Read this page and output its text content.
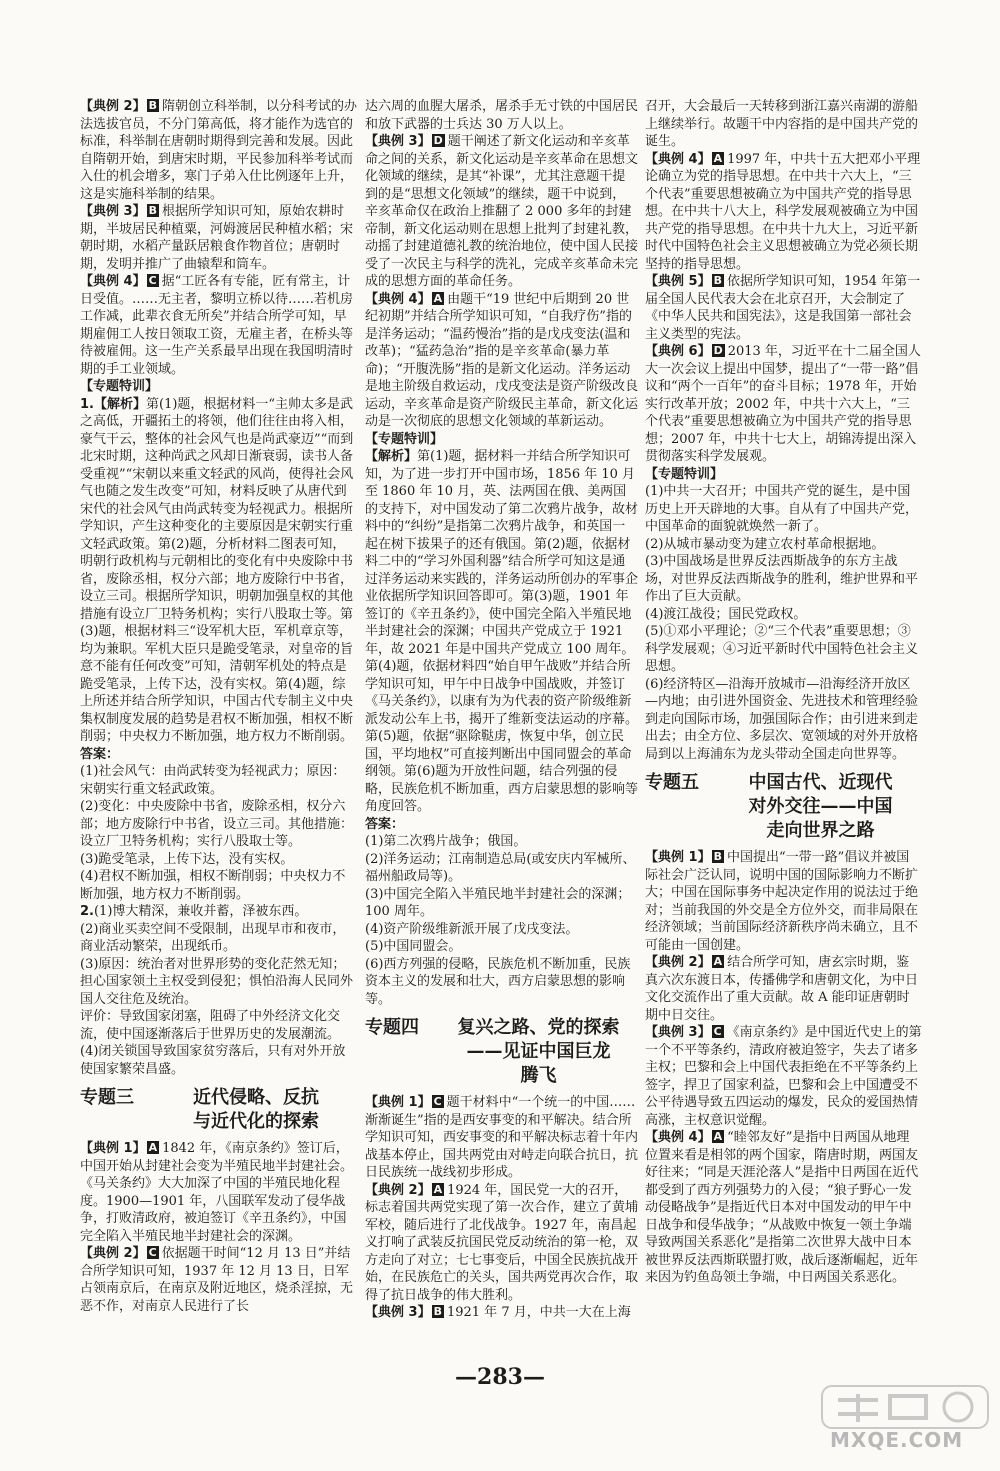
【典例 2】 B 隋朝创立科举制，以分科考试的办法选拔官员，不分门第高低，将才能作为选官的标准，科举制在唐朝时期得到完善和发展。因此自隋朝开始，到唐宋时期，平民参加科举考试而入仕的机会增多，寒门子弟入仕比例逐年上升，这是实施科举制的结果。

【典例 3】 B 根据所学知识可知，原始农耕时期，半坡居民种植粟，河姆渡居民种植水稻；宋朝时期，水稻产量跃居粮食作物首位；唐朝时期，发明并推广了曲辕犁和筒车。

【典例 4】 C 据“工匠各有专能，匠有常主，计日受值。……无主者，黎明立桥以待……若机房工作减，此辈衣食无所矣”并结合所学可知，早期雇佣工人按日领取工资，无雇主者，在桥头等待被雇佣。这一生产关系最早出现在我国明清时期的手工业领域。

【专题特训】

1.【解析】第(1)题，根据材料一“主帅太多是武之高低，开疆拓土的将领，他们往往由将入相，豪气干云，整体的社会风气也是尚武豪迈”“而到北宋时期，这种尚武之风却日渐衰弱，读书人备受重视”“宋朝以来重文轻武的风尚，使得社会风气也随之发生改变”可知，材料反映了从唐代到宋代的社会风气由尚武转变为轻视武力。根据所学知识，产生这种变化的主要原因是宋朝实行重文轻武政策。第(2)题，分析材料二图表可知，明朝行政机构与元朝相比的变化有中央废除中书省，废除丞相，权分六部；地方废除行中书省，设立三司。根据所学知识，明朝加强皇权的其他措施有设立厂卫特务机构；实行八股取士等。第(3)题，根据材料三“设军机大臣，军机章京等，均为兼职。军机大臣只是跪受笔录，对皇帝的旨意不能有任何改变”可知，清朝军机处的特点是跪受笔录，上传下达，没有实权。第(4)题，综上所述并结合所学知识，中国古代专制主义中央集权制度发展的趋势是君权不断加强，相权不断削弱；中央权力不断加强，地方权力不断削弱。

答案：

(1)社会风气：由尚武转变为轻视武力；原因：宋朝实行重文轻武政策。

(2)变化：中央废除中书省，废除丞相，权分六部；地方废除行中书省，设立三司。其他措施：设立厂卫特务机构；实行八股取士等。

(3)跪受笔录，上传下达，没有实权。

(4)君权不断加强，相权不断削弱；中央权力不断加强，地方权力不断削弱。

2.(1)博大精深，兼收并蓄，泽被东西。

(2)商业买卖空间不受限制，出现早市和夜市，商业活动繁荣，出现纸币。

(3)原因：统治者对世界形势的变化茫然无知；担心国家领土主权受到侵犯；惧怕沿海人民同外国人交往危及统治。

评价：导致国家闭塞，阻碍了中外经济文化交流，使中国逐渐落后于世界历史的发展潮流。

(4)闭关锁国导致国家贫穷落后，只有对外开放使国家繁荣昌盛。

专题三	近代侵略、反抗
与近代化的探索

【典例 1】 A 1842 年，《南京条约》签订后，中国开始从封建社会变为半殖民地半封建社会。《马关条约》大大加深了中国的半殖民地化程度。1900—1901 年，八国联军发动了侵华战争，打败清政府，被迫签订《辛丑条约》，中国完全陷入半殖民地半封建社会的深渊。

【典例 2】 C 依据题干时间“12 月 13 日”并结合所学知识可知，1937 年 12 月 13 日，日军占领南京后，在南京及附近地区，烧杀淫掠，无恶不作，对南京人民进行了长

达六周的血腥大屠杀，屠杀手无寸铁的中国居民和放下武器的士兵达 30 万人以上。

【典例 3】 D 题干阐述了新文化运动和辛亥革命之间的关系，新文化运动是辛亥革命在思想文化领域的继续，是其“补课”，尤其注意题干提到的是“思想文化领域”的继续，题干中说到，辛亥革命仅在政治上推翻了 2 000 多年的封建帝制，新文化运动则在思想上批判了封建礼教，动摇了封建道德礼教的统治地位，使中国人民接受了一次民主与科学的洗礼，完成辛亥革命未完成的思想方面的革命任务。

【典例 4】 A 由题干“19 世纪中后期到 20 世纪初期”并结合所学知识可知，“自我疗伤”指的是洋务运动；“温药慢治”指的是戊戌变法(温和改革)；“猛药急治”指的是辛亥革命(暴力革命)；“开腹洗肠”指的是新文化运动。洋务运动是地主阶级自救运动，戊戌变法是资产阶级改良运动，辛亥革命是资产阶级民主革命，新文化运动是一次彻底的思想文化领域的革新运动。

【专题特训】

【解析】第(1)题，据材料一并结合所学知识可知，为了进一步打开中国市场，1856 年 10 月至 1860 年 10 月，英、法两国在俄、美两国的支持下，对中国发动了第二次鸦片战争，故材料中的“纠纷”是指第二次鸦片战争，和英国一起在树下拔果子的还有俄国。第(2)题，依据材料二中的“学习外国利器”结合所学可知这是通过洋务运动来实践的，洋务运动所创办的军事企业依据所学知识回答即可。第(3)题，1901 年签订的《辛丑条约》，使中国完全陷入半殖民地半封建社会的深渊；中国共产党成立于 1921 年，故 2021 年是中国共产党成立 100 周年。第(4)题，依据材料四“始自甲午战败”并结合所学知识可知，甲午中日战争中国战败，并签订《马关条约》，以康有为为代表的资产阶级维新派发动公车上书，揭开了维新变法运动的序幕。第(5)题，依据“驱除鞑虏，恢复中华，创立民国，平均地权”可直接判断出中国同盟会的革命纲领。第(6)题为开放性问题，结合列强的侵略，民族危机不断加重，西方启蒙思想的影响等角度回答。

答案：

(1)第二次鸦片战争；俄国。

(2)洋务运动；江南制造总局(或安庆内军械所、福州船政局等)。

(3)中国完全陷入半殖民地半封建社会的深渊；100 周年。

(4)资产阶级维新派开展了戊戌变法。

(5)中国同盟会。

(6)西方列强的侵略，民族危机不断加重，民族资本主义的发展和壮大，西方启蒙思想的影响等。

专题四	复兴之路、党的探索
——见证中国巨龙
腾飞

【典例 1】 C 题干材料中“一个统一的中国……渐渐诞生”指的是西安事变的和平解决。结合所学知识可知，西安事变的和平解决标志着十年内战基本停止，国共两党由对峙走向联合抗日，抗日民族统一战线初步形成。

【典例 2】 A 1924 年，国民党一大的召开，标志着国共两党实现了第一次合作，建立了黄埔军校，随后进行了北伐战争。1927 年，南昌起义打响了武装反抗国民党反动统治的第一枪，双方走向了对立；七七事变后，中国全民族抗战开始，在民族危亡的关头，国共两党再次合作，取得了抗日战争的伟大胜利。

【典例 3】 B 1921 年 7 月，中共一大在上海

召开，大会最后一天转移到浙江嘉兴南湖的游船上继续举行。故题干中内容指的是中国共产党的诞生。

【典例 4】 A 1997 年，中共十五大把邓小平理论确立为党的指导思想。在中共十六大上，“三个代表”重要思想被确立为中国共产党的指导思想。在中共十八大上，科学发展观被确立为中国共产党的指导思想。在中共十九大上，习近平新时代中国特色社会主义思想被确立为党必须长期坚持的指导思想。

【典例 5】 B 依据所学知识可知，1954 年第一届全国人民代表大会在北京召开，大会制定了《中华人民共和国宪法》，这是我国第一部社会主义类型的宪法。

【典例 6】 D 2013 年，习近平在十二届全国人大一次会议上提出中国梦，提出了“一带一路”倡议和“两个一百年”的奋斗目标；1978 年，开始实行改革开放；2002 年，中共十六大上，“三个代表”重要思想被确立为中国共产党的指导思想；2007 年，中共十七大上，胡锦涛提出深入贯彻落实科学发展观。

【专题特训】

(1)中共一大召开；中国共产党的诞生，是中国历史上开天辟地的大事。自从有了中国共产党，中国革命的面貌就焕然一新了。

(2)从城市暴动变为建立农村革命根据地。

(3)中国战场是世界反法西斯战争的东方主战场，对世界反法西斯战争的胜利，维护世界和平作出了巨大贡献。

(4)渡江战役；国民党政权。

(5)①邓小平理论；②“三个代表”重要思想；③科学发展观；④习近平新时代中国特色社会主义思想。

(6)经济特区—沿海开放城市—沿海经济开放区—内地；由引进外国资金、先进技术和管理经验到走向国际市场，加强国际合作；由引进来到走出去；由全方位、多层次、宽领域的对外开放格局到以上海浦东为龙头带动全国走向世界等。

专题五	中国古代、近现代
对外交往——中国
走向世界之路

【典例 1】 B 中国提出“一带一路”倡议并被国际社会广泛认同，说明中国的国际影响力不断扩大；中国在国际事务中起决定作用的说法过于绝对；当前我国的外交是全方位外交，而非局限在经济领域；当前国际经济新秩序尚未确立，且不可能由一国创建。

【典例 2】 A 结合所学可知，唐玄宗时期，鉴真六次东渡日本，传播佛学和唐朝文化，为中日文化交流作出了重大贡献。故 A 能印证唐朝时期中日交往。

【典例 3】 C 《南京条约》是中国近代史上的第一个不平等条约，清政府被迫签字，失去了诸多主权；巴黎和会上中国代表拒绝在不平等条约上签字，捍卫了国家利益，巴黎和会上中国遭受不公平待遇导致五四运动的爆发，民众的爱国热情高涨，主权意识觉醒。

【典例 4】 A “睦邻友好”是指中日两国从地理位置来看是相邻的两个国家，隋唐时期，两国友好往来；“同是天涯沦落人”是指中日两国在近代都受到了西方列强势力的入侵；“狼子野心一发动侵略战争”是指近代日本对中国发动的甲午中日战争和侵华战争；“从战败中恢复一领土争端导致两国关系恶化”是指第二次世界大战中日本被世界反法西斯联盟打败，战后逐渐崛起，近年来因为钓鱼岛领土争端，中日两国关系恶化。

—283—
MXQE.COM
